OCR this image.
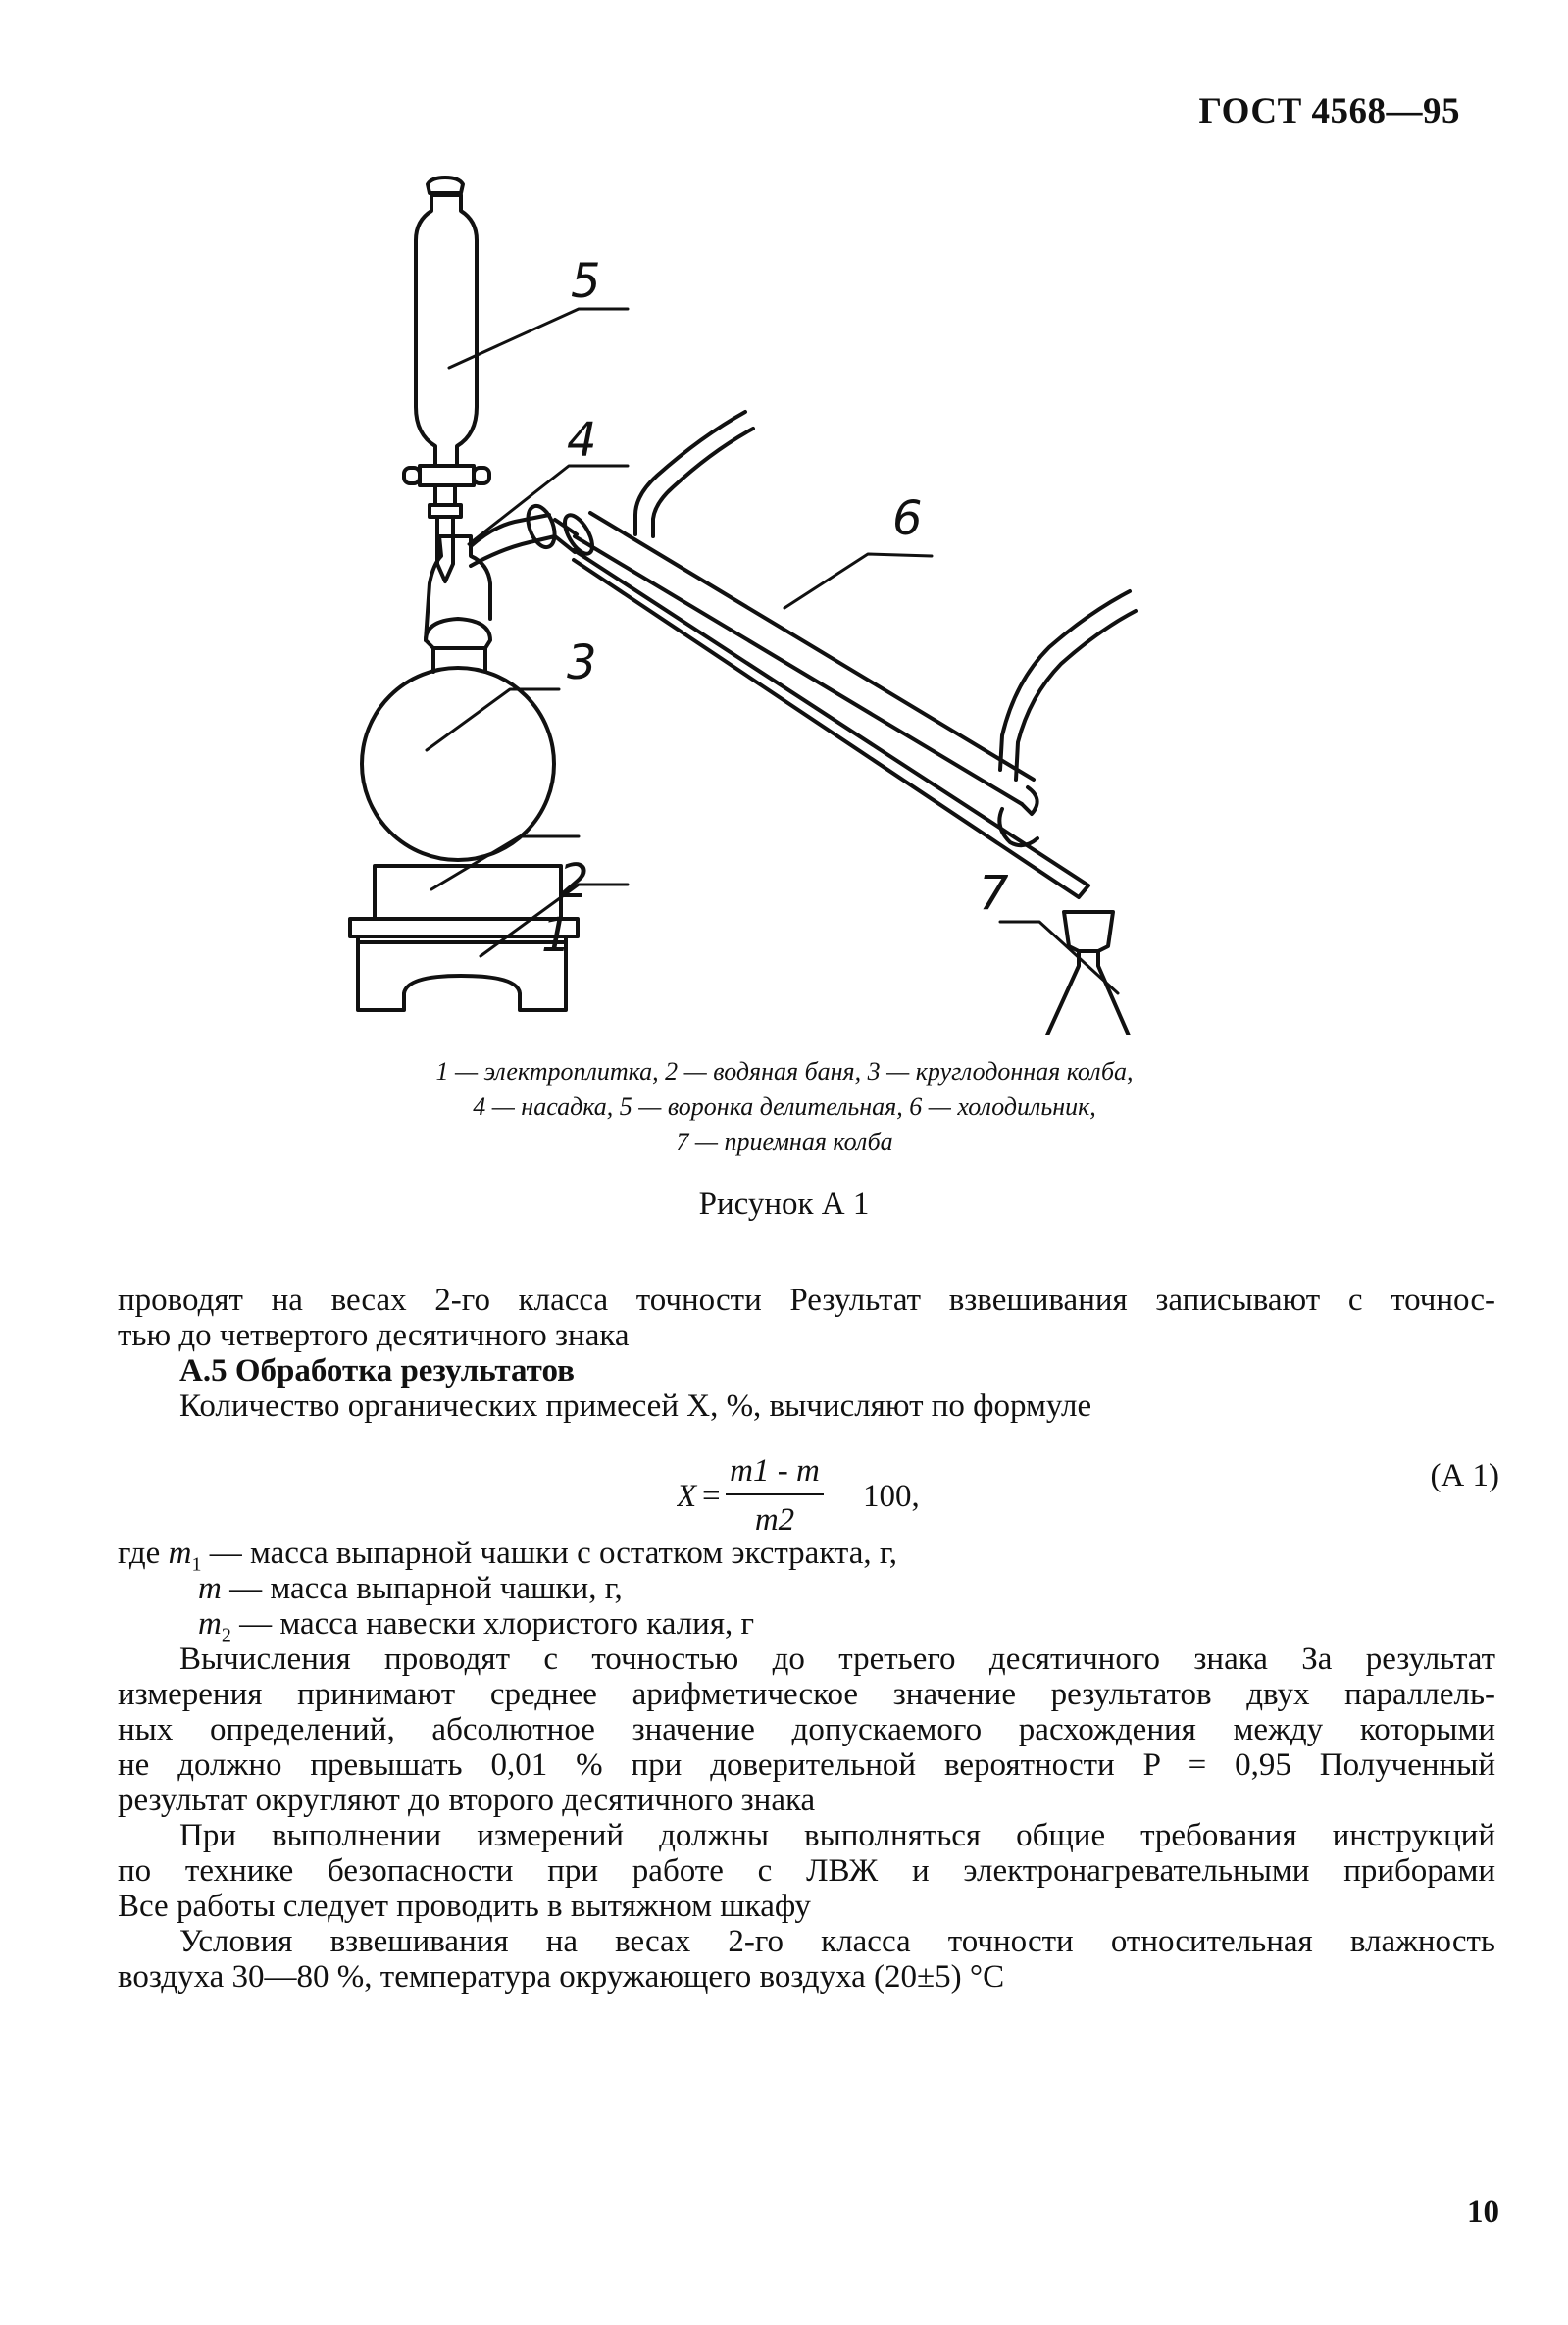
ГОСТ 4568—95
1
2
3
4
5
6
7
1 — электроплитка, 2 — водяная баня, 3 — круглодонная колба,
4 — насадка, 5 — воронка делительная, 6 — холодильник,
7 — приемная колба
Рисунок А 1
проводят на весах 2-го класса точности Результат взвешивания записывают с точнос-
тью до четвертого десятичного знака
А.5 Обработка результатов
Количество органических примесей X, %, вычисляют по формуле
X =
m1 - m
m2
100,
(А 1)
где $m_1$ — масса выпарной чашки с остатком экстракта, г,
m — масса выпарной чашки, г,
$m_2$ — масса навески хлористого калия, г
Вычисления проводят с точностью до третьего десятичного знака За результат
измерения принимают среднее арифметическое значение результатов двух параллель-
ных определений, абсолютное значение допускаемого расхождения между которыми
не должно превышать 0,01 % при доверительной вероятности P = 0,95 Полученный
результат округляют до второго десятичного знака
При выполнении измерений должны выполняться общие требования инструкций
по технике безопасности при работе с ЛВЖ и электронагревательными приборами
Все работы следует проводить в вытяжном шкафу
Условия взвешивания на весах 2-го класса точности относительная влажность
воздуха 30—80 %, температура окружающего воздуха (20±5) °С
10
